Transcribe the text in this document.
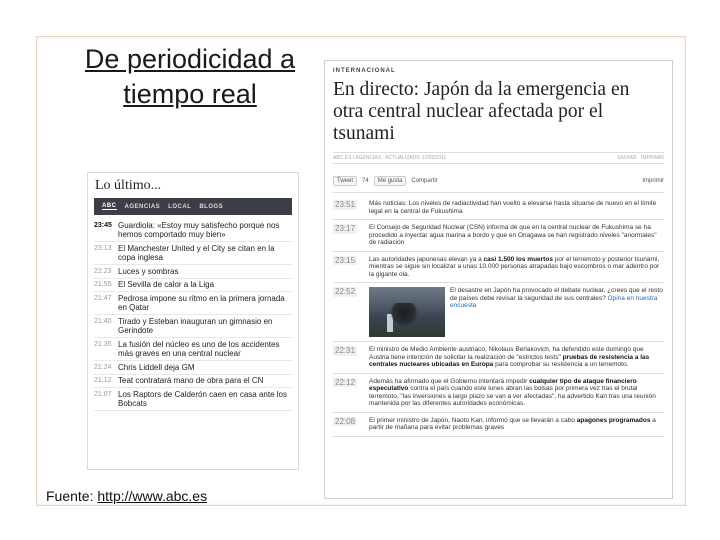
De periodicidad a tiempo real
Lo último...
ABC AGENCIAS LOCAL BLOGS
23:45 Guardiola: «Estoy muy satisfecho porque nos hemos comportado muy bien»
23:13 El Manchester United y el City se citan en la copa inglesa
22:23 Luces y sombras
21:55 El Sevilla de calor a la Liga
21:47 Pedrosa impone su ritmo en la primera jornada en Qatar
21:40 Tirado y Esteban inauguran un gimnasio en Gerindote
21:35 La fusión del núcleo es uno de los accidentes más graves en una central nuclear
21:24 Chris Liddell deja GM
21:12 Teat contratará mano de obra para el CN
21:07 Los Raptors de Calderón caen en casa ante los Bobcats
Fuente: http://www.abc.es
INTERNACIONAL
En directo: Japón da la emergencia en otra central nuclear afectada por el tsunami
ABC.ES / AGENCIAS · ACTUALIZADO 12/03/2011	ENVIAR · IMPRIMIR
Tweet	74	Me gusta	Compartir	Imprimir
23:51	Más noticias: Los niveles de radiactividad han vuelto a elevarse hasta situarse de nuevo en el límite legal en la central de Fukushima
23:17	El Consejo de Seguridad Nuclear (CSN) informa de que en la central nuclear de Fukushima se ha procedido a inyectar agua marina a bordo y que en Onagawa se han registrado niveles "anormales" de radiación
23:15	Las autoridades japonesas elevan ya a casi 1.500 los muertos por el terremoto y posterior tsunami, mientras se sigue sin localizar a unas 10.000 personas atrapadas bajo escombros o mar adentro por la gigante ola.
22:52	El desastre en Japón ha provocado el debate nuclear, ¿crees que el resto de países debe revisar la seguridad de sus centrales? Opina en nuestra encuesta
22:31	El ministro de Medio Ambiente austriaco, Nikolaus Berlakovich, ha defendido este domingo que Austria tiene intención de solicitar la realización de "estrictos tests" pruebas de resistencia a las centrales nucleares ubicadas en Europa para comprobar su resistencia a un terremoto.
22:12	Además ha afirmado que el Gobierno intentará impedir cualquier tipo de ataque financiero especulativo contra el país cuando este lunes abran las bolsas por primera vez tras el brutal terremoto, "las inversiones a largo plazo se van a ver afectadas", ha advertido Kan tras una reunión mantenida por las diferentes autoridades económicas.
22:08	El primer ministro de Japón, Naoto Kan, informó que se llevarán a cabo apagones programados a partir de mañana para evitar problemas graves
